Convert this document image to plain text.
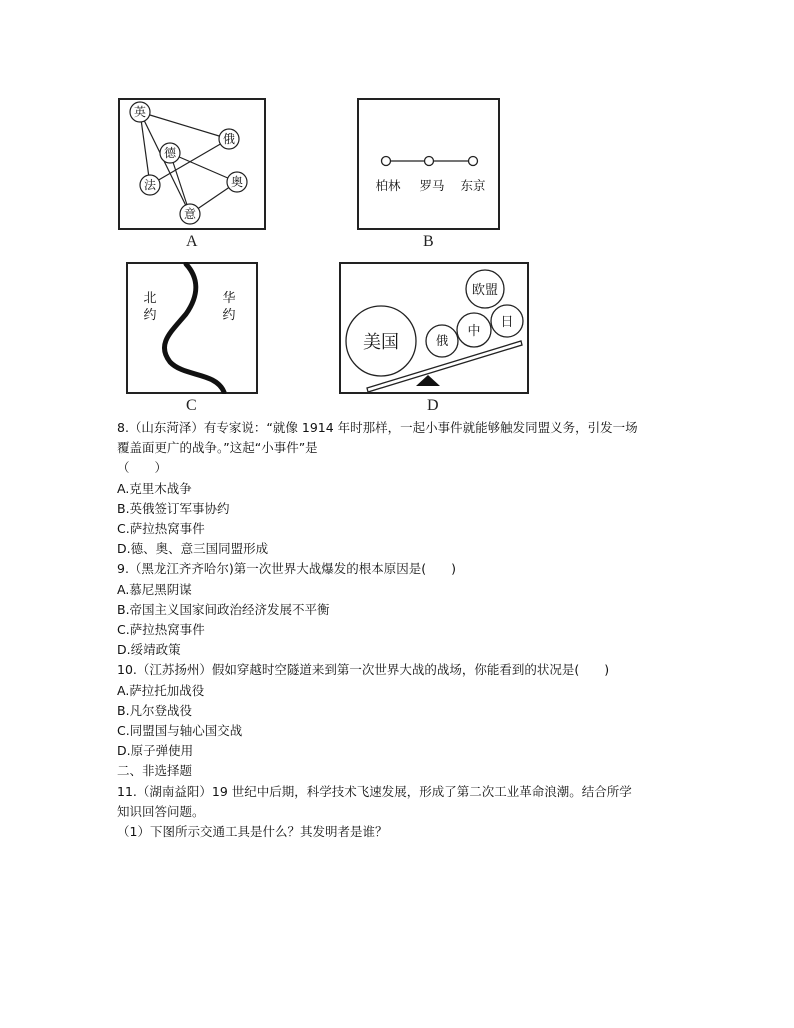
英
德
俄
法	奥
意
A
柏林 罗马 东京
B
北
约
华
约
C
美国	俄
中
欧盟
日
D
8.（山东菏泽）有专家说：“就像 1914 年时那样，一起小事件就能够触发同盟义务，引发一场
覆盖面更广的战争。”这起“小事件”是
（　　）
A.克里木战争
B.英俄签订军事协约
C.萨拉热窝事件
D.德、奥、意三国同盟形成
9.（黑龙江齐齐哈尔)第一次世界大战爆发的根本原因是(　　)
A.慕尼黑阴谋
B.帝国主义国家间政治经济发展不平衡
C.萨拉热窝事件
D.绥靖政策
10.（江苏扬州）假如穿越时空隧道来到第一次世界大战的战场，你能看到的状况是(　　)
A.萨拉托加战役
B.凡尔登战役
C.同盟国与轴心国交战
D.原子弹使用
二、非选择题
11.（湖南益阳）19 世纪中后期，科学技术飞速发展，形成了第二次工业革命浪潮。结合所学
知识回答问题。
（1）下图所示交通工具是什么？其发明者是谁？
